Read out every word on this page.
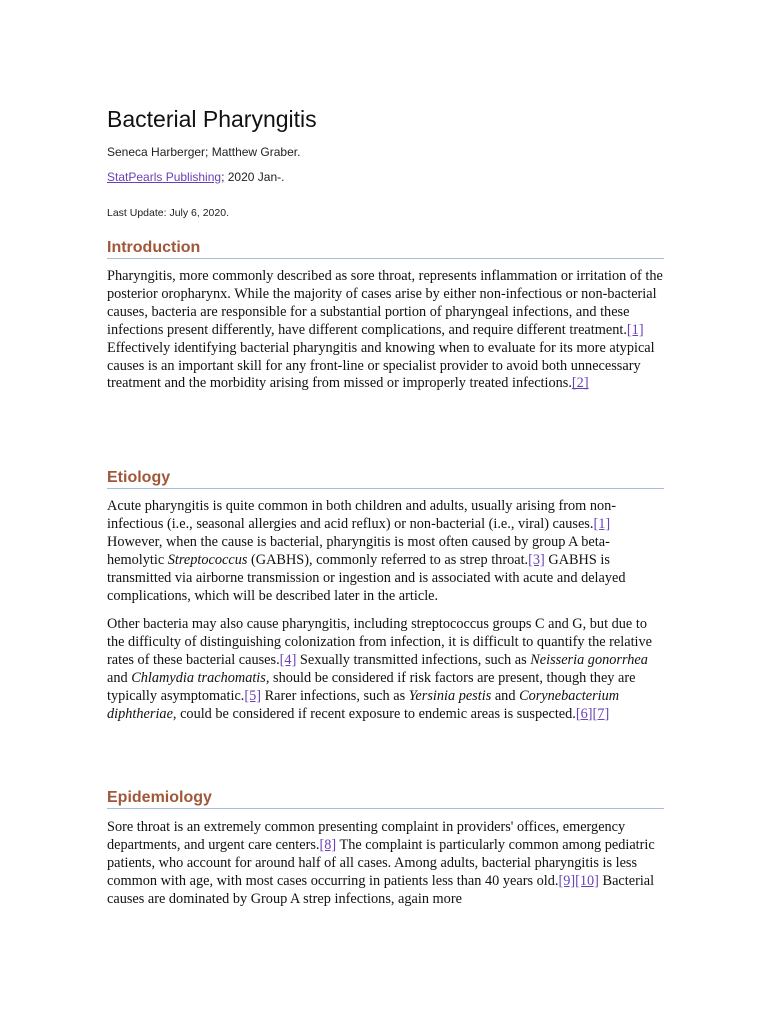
Bacterial Pharyngitis
Seneca Harberger; Matthew Graber.
StatPearls Publishing; 2020 Jan-.
Last Update: July 6, 2020.
Introduction

Pharyngitis, more commonly described as sore throat, represents inflammation or irritation of the posterior oropharynx. While the majority of cases arise by either non-infectious or non-bacterial causes, bacteria are responsible for a substantial portion of pharyngeal infections, and these infections present differently, have different complications, and require different treatment.[1] Effectively identifying bacterial pharyngitis and knowing when to evaluate for its more atypical causes is an important skill for any front-line or specialist provider to avoid both unnecessary treatment and the morbidity arising from missed or improperly treated infections.[2]

Etiology

Acute pharyngitis is quite common in both children and adults, usually arising from non-infectious (i.e., seasonal allergies and acid reflux) or non-bacterial (i.e., viral) causes.[1] However, when the cause is bacterial, pharyngitis is most often caused by group A beta-hemolytic Streptococcus (GABHS), commonly referred to as strep throat.[3] GABHS is transmitted via airborne transmission or ingestion and is associated with acute and delayed complications, which will be described later in the article.

Other bacteria may also cause pharyngitis, including streptococcus groups C and G, but due to the difficulty of distinguishing colonization from infection, it is difficult to quantify the relative rates of these bacterial causes.[4] Sexually transmitted infections, such as Neisseria gonorrhea and Chlamydia trachomatis, should be considered if risk factors are present, though they are typically asymptomatic.[5] Rarer infections, such as Yersinia pestis and Corynebacterium diphtheriae, could be considered if recent exposure to endemic areas is suspected.[6][7]

Epidemiology

Sore throat is an extremely common presenting complaint in providers' offices, emergency departments, and urgent care centers.[8] The complaint is particularly common among pediatric patients, who account for around half of all cases. Among adults, bacterial pharyngitis is less common with age, with most cases occurring in patients less than 40 years old.[9][10] Bacterial causes are dominated by Group A strep infections, again more
